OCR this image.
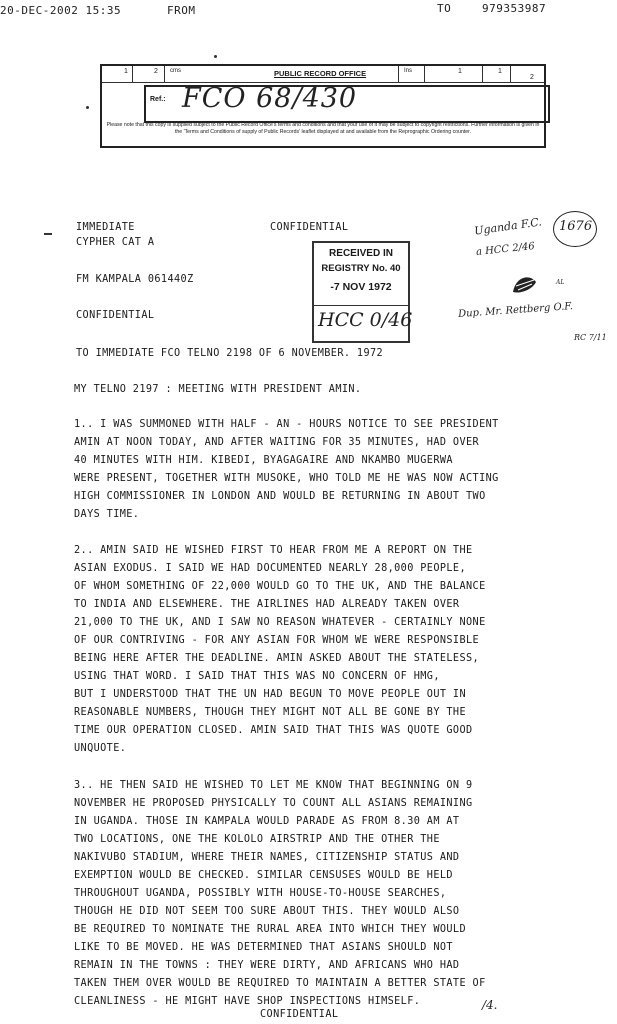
20-DEC-2002 15:35	FROM	TO	979353987
1	2 cms	PUBLIC RECORD OFFICE	Ins	1	1
2
Ref.: FCO 68/430
Please note that this copy is supplied subject to the Public Record Office's terms and conditions and that your use of it may be subject to copyright restrictions. Further information is given in the 'Terms and Conditions of supply of Public Records' leaflet displayed at and available from the Reprographic Ordering counter.
IMMEDIATE	CONFIDENTIAL
CYPHER CAT A
FM KAMPALA 061440Z
CONFIDENTIAL
TO IMMEDIATE FCO TELNO 2198 OF 6 NOVEMBER. 1972
MY TELNO 2197 : MEETING WITH PRESIDENT AMIN.
RECEIVED IN
REGISTRY No. 40
-7 NOV 1972
HCC 0/46
Uganda F.C. 1676
a HCC 2/46
AL
Dup. Mr. Rettberg O.F.
RC 7/11
1.. I WAS SUMMONED WITH HALF - AN - HOURS NOTICE TO SEE PRESIDENT
AMIN AT NOON TODAY, AND AFTER WAITING FOR 35 MINUTES, HAD OVER
40 MINUTES WITH HIM. KIBEDI, BYAGAGAIRE AND NKAMBO MUGERWA
WERE PRESENT, TOGETHER WITH MUSOKE, WHO TOLD ME HE WAS NOW ACTING
HIGH COMMISSIONER IN LONDON AND WOULD BE RETURNING IN ABOUT TWO
DAYS TIME.
2.. AMIN SAID HE WISHED FIRST TO HEAR FROM ME A REPORT ON THE
ASIAN EXODUS. I SAID WE HAD DOCUMENTED NEARLY 28,000 PEOPLE,
OF WHOM SOMETHING OF 22,000 WOULD GO TO THE UK, AND THE BALANCE
TO INDIA AND ELSEWHERE. THE AIRLINES HAD ALREADY TAKEN OVER
21,000 TO THE UK, AND I SAW NO REASON WHATEVER - CERTAINLY NONE
OF OUR CONTRIVING - FOR ANY ASIAN FOR WHOM WE WERE RESPONSIBLE
BEING HERE AFTER THE DEADLINE. AMIN ASKED ABOUT THE STATELESS,
USING THAT WORD. I SAID THAT THIS WAS NO CONCERN OF HMG,
BUT I UNDERSTOOD THAT THE UN HAD BEGUN TO MOVE PEOPLE OUT IN
REASONABLE NUMBERS, THOUGH THEY MIGHT NOT ALL BE GONE BY THE
TIME OUR OPERATION CLOSED. AMIN SAID THAT THIS WAS QUOTE GOOD
UNQUOTE.
3.. HE THEN SAID HE WISHED TO LET ME KNOW THAT BEGINNING ON 9
NOVEMBER HE PROPOSED PHYSICALLY TO COUNT ALL ASIANS REMAINING
IN UGANDA. THOSE IN KAMPALA WOULD PARADE AS FROM 8.30 AM AT
TWO LOCATIONS, ONE THE KOLOLO AIRSTRIP AND THE OTHER THE
NAKIVUBO STADIUM, WHERE THEIR NAMES, CITIZENSHIP STATUS AND
EXEMPTION WOULD BE CHECKED. SIMILAR CENSUSES WOULD BE HELD
THROUGHOUT UGANDA, POSSIBLY WITH HOUSE-TO-HOUSE SEARCHES,
THOUGH HE DID NOT SEEM TOO SURE ABOUT THIS. THEY WOULD ALSO
BE REQUIRED TO NOMINATE THE RURAL AREA INTO WHICH THEY WOULD
LIKE TO BE MOVED. HE WAS DETERMINED THAT ASIANS SHOULD NOT
REMAIN IN THE TOWNS : THEY WERE DIRTY, AND AFRICANS WHO HAD
TAKEN THEM OVER WOULD BE REQUIRED TO MAINTAIN A BETTER STATE OF
CLEANLINESS - HE MIGHT HAVE SHOP INSPECTIONS HIMSELF.
CONFIDENTIAL
/4.
